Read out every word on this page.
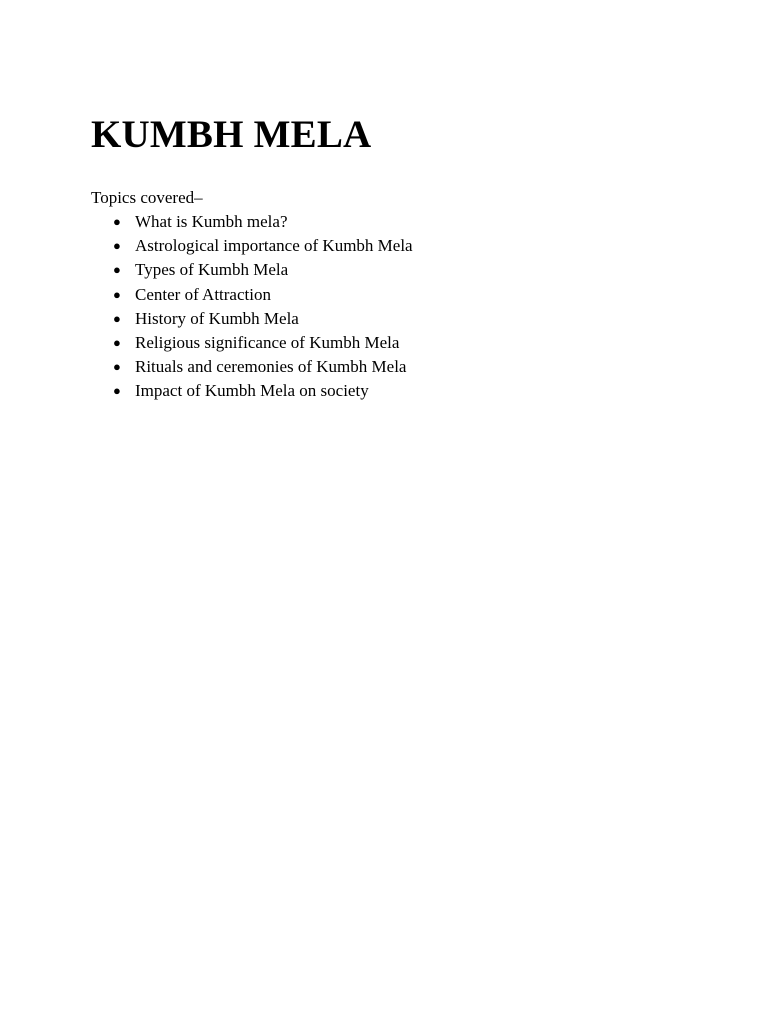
KUMBH MELA

Topics covered–

● What is Kumbh mela?
● Astrological importance of Kumbh Mela
● Types of Kumbh Mela
● Center of Attraction
● History of Kumbh Mela
● Religious significance of Kumbh Mela
● Rituals and ceremonies of Kumbh Mela
● Impact of Kumbh Mela on society
